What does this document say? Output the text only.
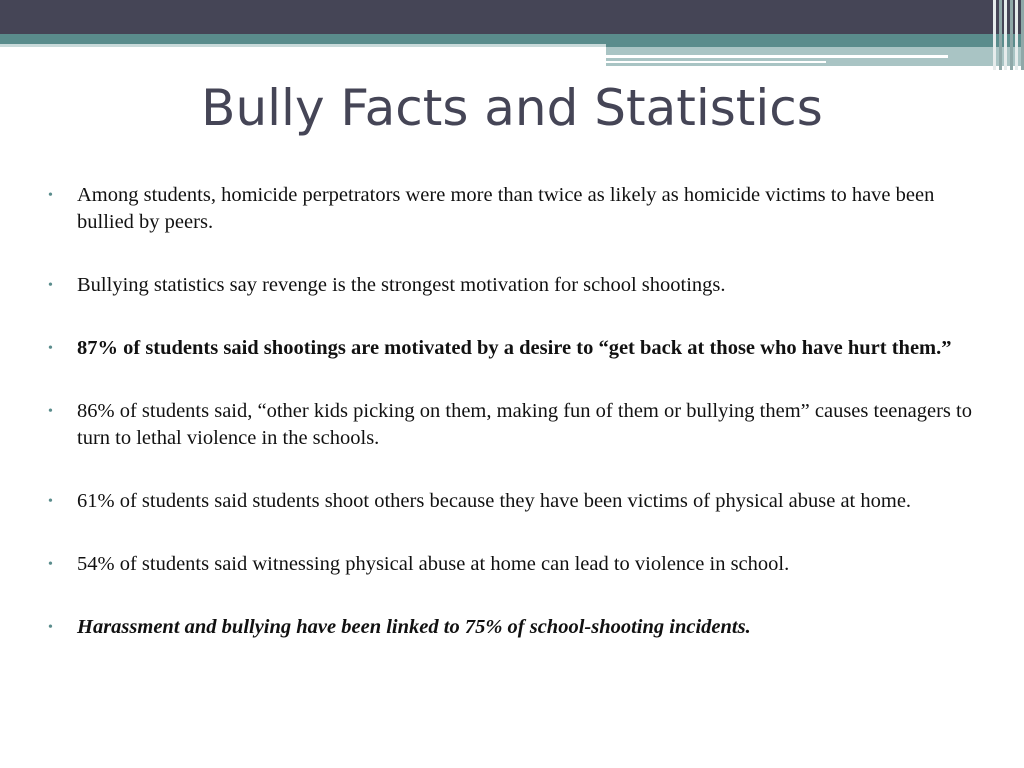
Bully Facts and Statistics
•	Among students, homicide perpetrators were more than twice as likely as homicide victims to have been bullied by peers.
•	Bullying statistics say revenge is the strongest motivation for school shootings.
•	87% of students said shootings are motivated by a desire to “get back at those who have hurt them.”
•	86% of students said, “other kids picking on them, making fun of them or bullying them” causes teenagers to turn to lethal violence in the schools.
•	61% of students said students shoot others because they have been victims of physical abuse at home.
•	54% of students said witnessing physical abuse at home can lead to violence in school.
•	Harassment and bullying have been linked to 75% of school-shooting incidents.
